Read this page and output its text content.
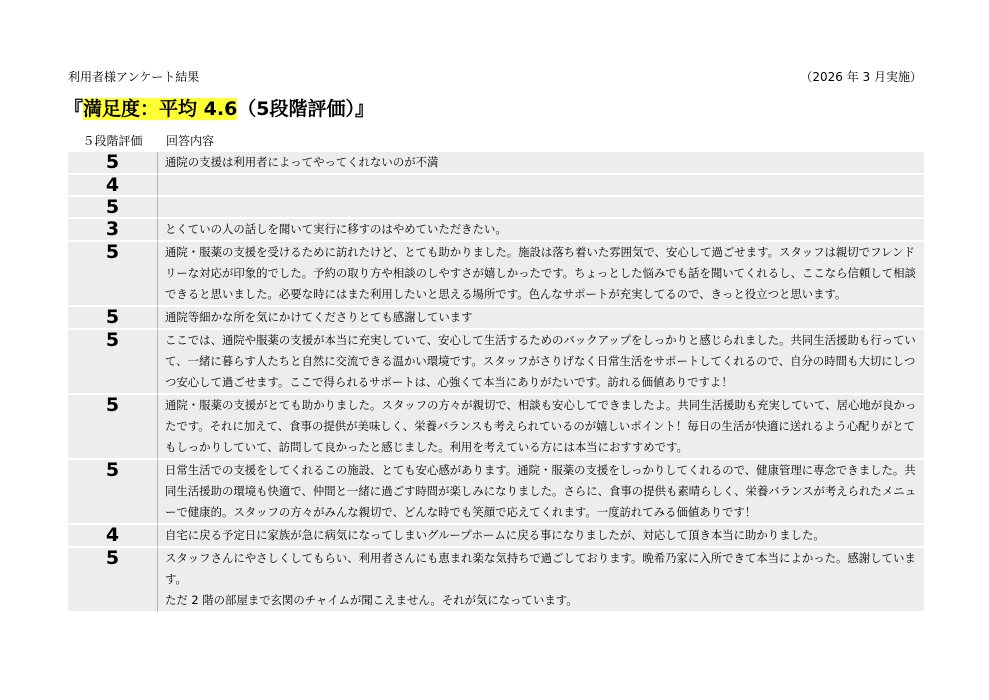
利用者様アンケート結果	（2026 年 3 月実施）
『満足度：平均 4.6（5段階評価）』
５段階評価	回答内容
5	通院の支援は利用者によってやってくれないのが不満
4	
5	
3	とくていの人の話しを聞いて実行に移すのはやめていただきたい。
5	通院・服薬の支援を受けるために訪れたけど、とても助かりました。施設は落ち着いた雰囲気で、安心して過ごせます。スタッフは親切でフレンドリーな対応が印象的でした。予約の取り方や相談のしやすさが嬉しかったです。ちょっとした悩みでも話を聞いてくれるし、ここなら信頼して相談できると思いました。必要な時にはまた利用したいと思える場所です。色んなサポートが充実してるので、きっと役立つと思います。
5	通院等細かな所を気にかけてくださりとても感謝しています
5	ここでは、通院や服薬の支援が本当に充実していて、安心して生活するためのバックアップをしっかりと感じられました。共同生活援助も行っていて、一緒に暮らす人たちと自然に交流できる温かい環境です。スタッフがさりげなく日常生活をサポートしてくれるので、自分の時間も大切にしつつ安心して過ごせます。ここで得られるサポートは、心強くて本当にありがたいです。訪れる価値ありですよ！
5	通院・服薬の支援がとても助かりました。スタッフの方々が親切で、相談も安心してできましたよ。共同生活援助も充実していて、居心地が良かったです。それに加えて、食事の提供が美味しく、栄養バランスも考えられているのが嬉しいポイント！毎日の生活が快適に送れるよう心配りがとてもしっかりしていて、訪問して良かったと感じました。利用を考えている方には本当におすすめです。
5	日常生活での支援をしてくれるこの施設、とても安心感があります。通院・服薬の支援をしっかりしてくれるので、健康管理に専念できました。共同生活援助の環境も快適で、仲間と一緒に過ごす時間が楽しみになりました。さらに、食事の提供も素晴らしく、栄養バランスが考えられたメニューで健康的。スタッフの方々がみんな親切で、どんな時でも笑顔で応えてくれます。一度訪れてみる価値ありです！
4	自宅に戻る予定日に家族が急に病気になってしまいグループホームに戻る事になりましたが、対応して頂き本当に助かりました。
5	スタッフさんにやさしくしてもらい、利用者さんにも恵まれ楽な気持ちで過ごしております。晩希乃家に入所できて本当によかった。感謝しています。
ただ 2 階の部屋まで玄関のチャイムが聞こえません。それが気になっています。
